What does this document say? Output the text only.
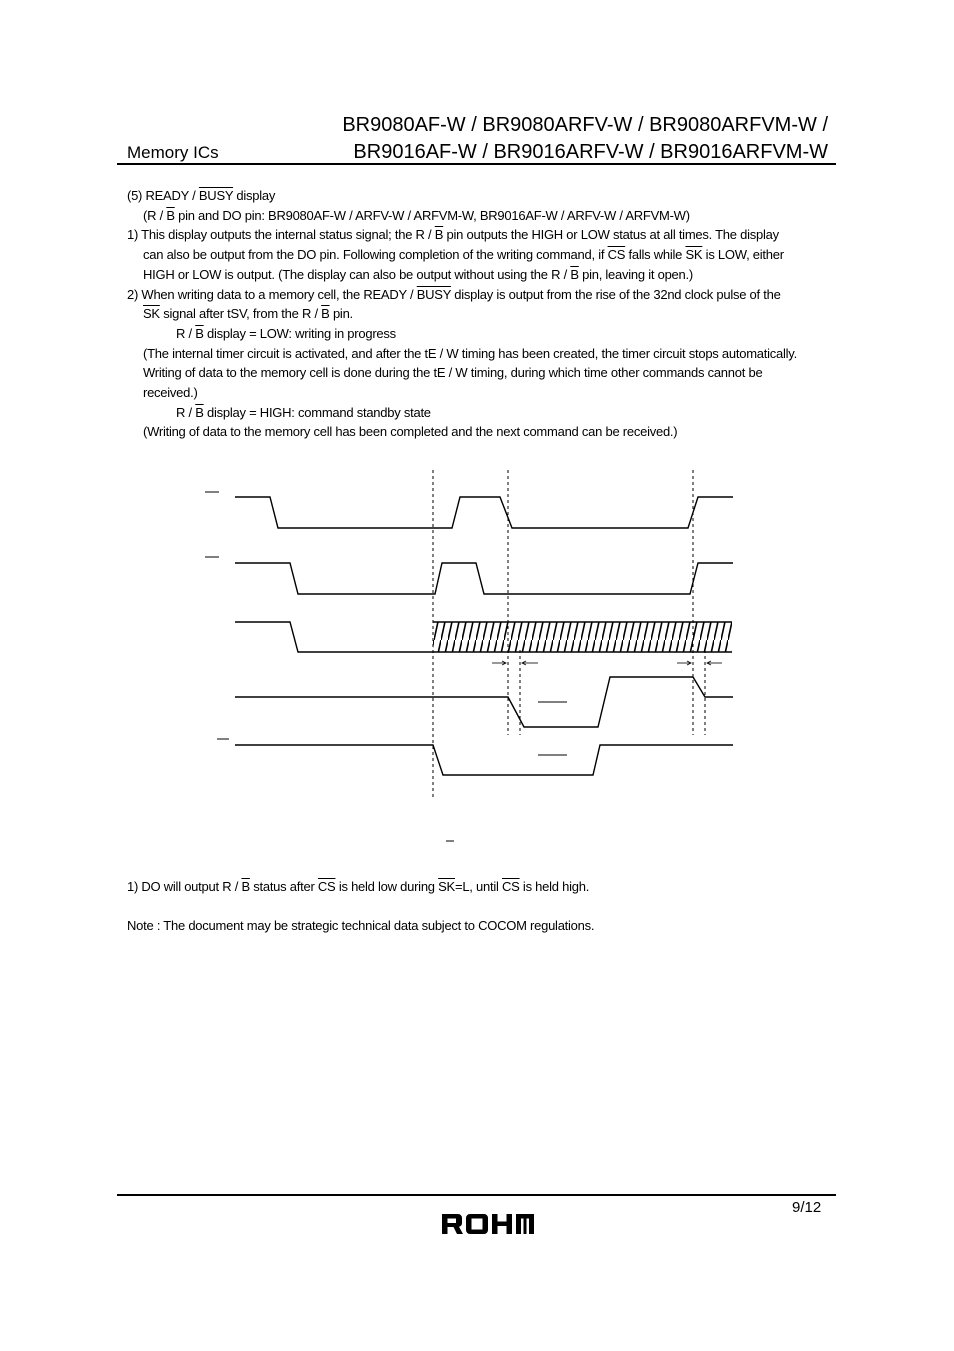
Memory ICs
BR9080AF-W / BR9080ARFV-W / BR9080ARFVM-W /
BR9016AF-W / BR9016ARFV-W / BR9016ARFVM-W

(5) READY / BUSY display

($R / \overline{B}$ pin and DO pin: BR9080AF-W / ARFV-W / ARFVM-W, BR9016AF-W / ARFV-W / ARFVM-W)

1) This display outputs the internal status signal; the R / $\overline{B}$ pin outputs the HIGH or LOW status at all times. The display

can also be output from the DO pin. Following completion of the writing command, if $\overline{CS}$ falls while $\overline{SK}$ is LOW, either

HIGH or LOW is output. (The display can also be output without using the R / $\overline{B}$ pin, leaving it open.)

2) When writing data to a memory cell, the READY / BUSY display is output from the rise of the 32nd clock pulse of the

$\overline{SK}$ signal after tSV, from the R / $\overline{B}$ pin.

R / $\overline{B}$ display = LOW: writing in progress

(The internal timer circuit is activated, and after the tE / W timing has been created, the timer circuit stops automatically.

Writing of data to the memory cell is done during the tE / W timing, during which time other commands cannot be

received.)

R / $\overline{B}$ display = HIGH: command standby state

(Writing of data to the memory cell has been completed and the next command can be received.)

1) DO will output R / $\overline{B}$ status after $\overline{CS}$ is held low during $\overline{SK}=L$, until $\overline{CS}$ is held high.
Note : The document may be strategic technical data subject to COCOM regulations.
9/12
